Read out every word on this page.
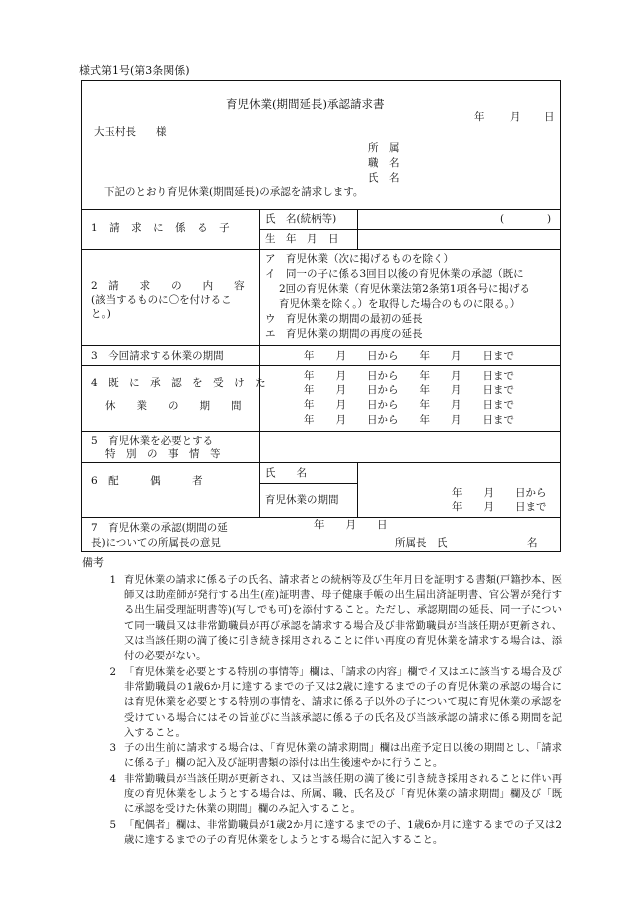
様式第1号(第3条関係)
育児休業(期間延長)承認請求書
年 月 日
大玉村長 様
所　属
職　名
氏　名
下記のとおり育児休業(期間延長)の承認を請求します。
1　請　求　に　係　る　子
氏　名(続柄等)	(	)
生　年　月　日
2　請　　求　　の　　内　　容
(該当するものに〇を付けるこ
と。)
ア　育児休業（次に掲げるものを除く）
イ　同一の子に係る3回目以後の育児休業の承認（既に
2回の育児休業（育児休業法第2条第1項各号に掲げる
育児休業を除く。）を取得した場合のものに限る。）
ウ　育児休業の期間の最初の延長
エ　育児休業の期間の再度の延長
3　今回請求する休業の期間	年　　月　　日から　　年　　月　　日まで
4　既　に　承　認　を　受　け　た
休　　業　　の　　期　　間
年　　月　　日から　　年　　月　　日まで
年　　月　　日から　　年　　月　　日まで
年　　月　　日から　　年　　月　　日まで
年　　月　　日から　　年　　月　　日まで
5　育児休業を必要とする
特　別　の　事　情　等
6　配　　　偶　　　者
氏　　名
育児休業の期間
年　　月　　日から
年　　月　　日まで
7　育児休業の承認(期間の延
長)についての所属長の意見
年　　月　　日
所属長　氏	名
備考
1 育児休業の請求に係る子の氏名、請求者との続柄等及び生年月日を証明する書類(戸籍抄本、医師又は助産師が発行する出生(産)証明書、母子健康手帳の出生届出済証明書、官公署が発行する出生届受理証明書等)(写しでも可)を添付すること。ただし、承認期間の延長、同一子について同一職員又は非常勤職員が再び承認を請求する場合及び非常勤職員が当該任期が更新され、又は当該任期の満了後に引き続き採用されることに伴い再度の育児休業を請求する場合は、添付の必要がない。
2 「育児休業を必要とする特別の事情等」欄は、「請求の内容」欄でイ又はエに該当する場合及び非常勤職員の1歳6か月に達するまでの子又は2歳に達するまでの子の育児休業の承認の場合には育児休業を必要とする特別の事情を、請求に係る子以外の子について現に育児休業の承認を受けている場合にはその旨並びに当該承認に係る子の氏名及び当該承認の請求に係る期間を記入すること。
3 子の出生前に請求する場合は、「育児休業の請求期間」欄は出産予定日以後の期間とし、「請求に係る子」欄の記入及び証明書類の添付は出生後速やかに行うこと。
4 非常勤職員が当該任期が更新され、又は当該任期の満了後に引き続き採用されることに伴い再度の育児休業をしようとする場合は、所属、職、氏名及び「育児休業の請求期間」欄及び「既に承認を受けた休業の期間」欄のみ記入すること。
5 「配偶者」欄は、非常勤職員が1歳2か月に達するまでの子、1歳6か月に達するまでの子又は2歳に達するまでの子の育児休業をしようとする場合に記入すること。
